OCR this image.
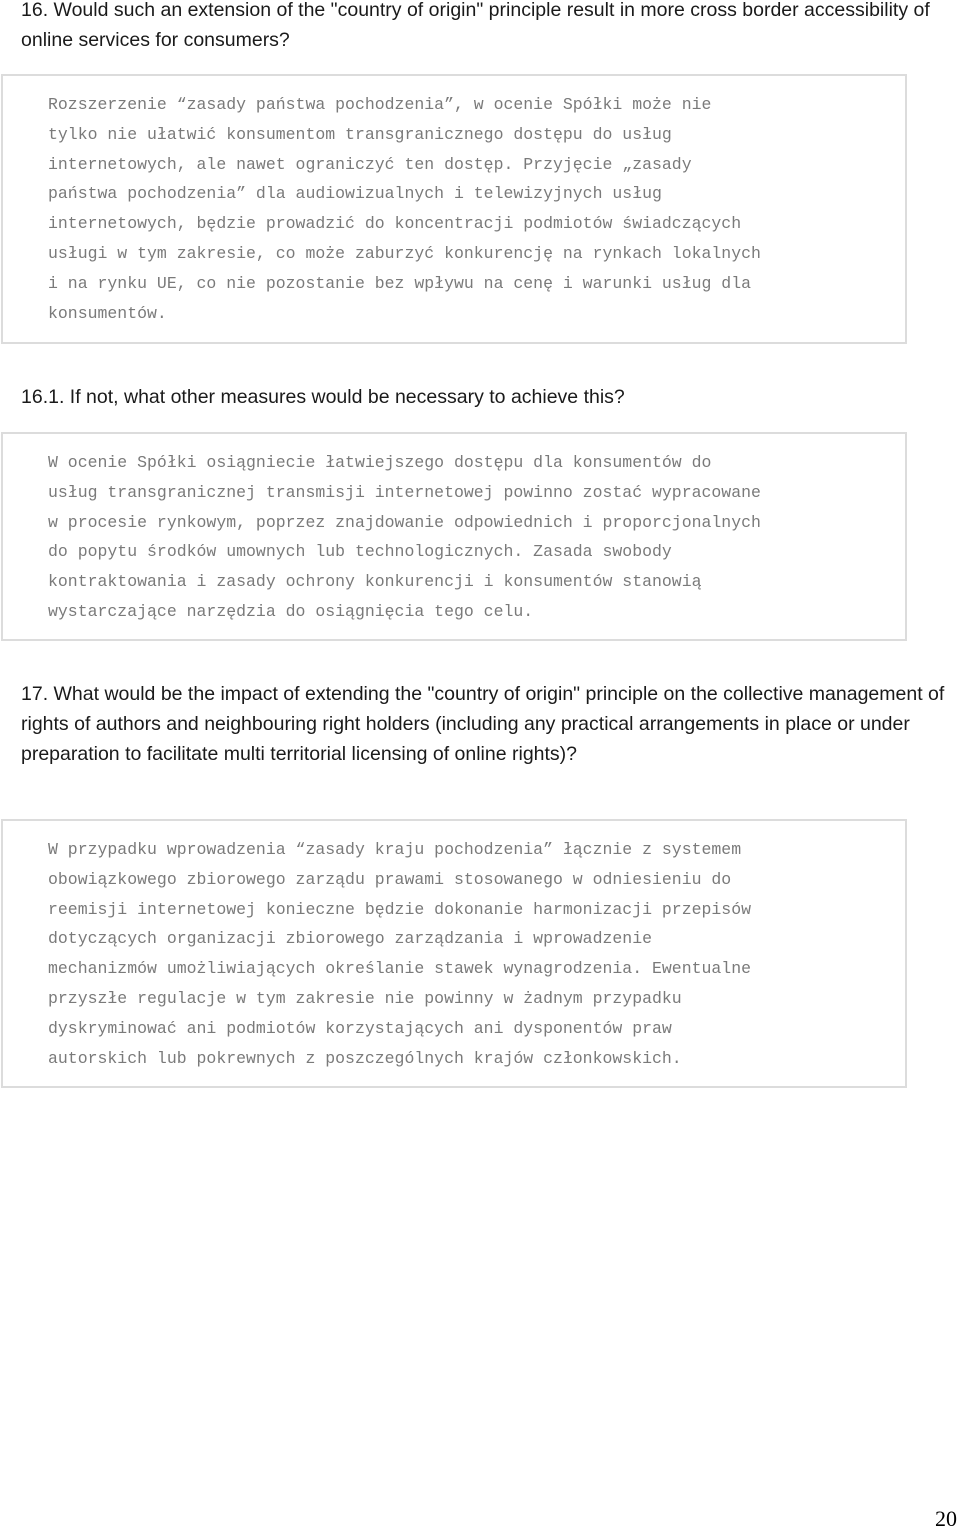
16. Would such an extension of the "country of origin" principle result in more cross border accessibility of online services for consumers?

Rozszerzenie “zasady państwa pochodzenia”, w ocenie Spółki może nie
tylko nie ułatwić konsumentom transgranicznego dostępu do usług
internetowych, ale nawet ograniczyć ten dostęp. Przyjęcie „zasady
państwa pochodzenia” dla audiowizualnych i telewizyjnych usług
internetowych, będzie prowadzić do koncentracji podmiotów świadczących
usługi w tym zakresie, co może zaburzyć konkurencję na rynkach lokalnych
i na rynku UE, co nie pozostanie bez wpływu na cenę i warunki usług dla
konsumentów.

16.1. If not, what other measures would be necessary to achieve this?

W ocenie Spółki osiągniecie łatwiejszego dostępu dla konsumentów do
usług transgranicznej transmisji internetowej powinno zostać wypracowane
w procesie rynkowym, poprzez znajdowanie odpowiednich i proporcjonalnych
do popytu środków umownych lub technologicznych. Zasada swobody
kontraktowania i zasady ochrony konkurencji i konsumentów stanowią
wystarczające narzędzia do osiągnięcia tego celu.

17. What would be the impact of extending the "country of origin" principle on the collective management of rights of authors and neighbouring right holders (including any practical arrangements in place or under preparation to facilitate multi territorial licensing of online rights)?

W przypadku wprowadzenia “zasady kraju pochodzenia” łącznie z systemem
obowiązkowego zbiorowego zarządu prawami stosowanego w odniesieniu do
reemisji internetowej konieczne będzie dokonanie harmonizacji przepisów
dotyczących organizacji zbiorowego zarządzania i wprowadzenie
mechanizmów umożliwiających określanie stawek wynagrodzenia. Ewentualne
przyszłe regulacje w tym zakresie nie powinny w żadnym przypadku
dyskryminować ani podmiotów korzystających ani dysponentów praw
autorskich lub pokrewnych z poszczególnych krajów członkowskich.

20
